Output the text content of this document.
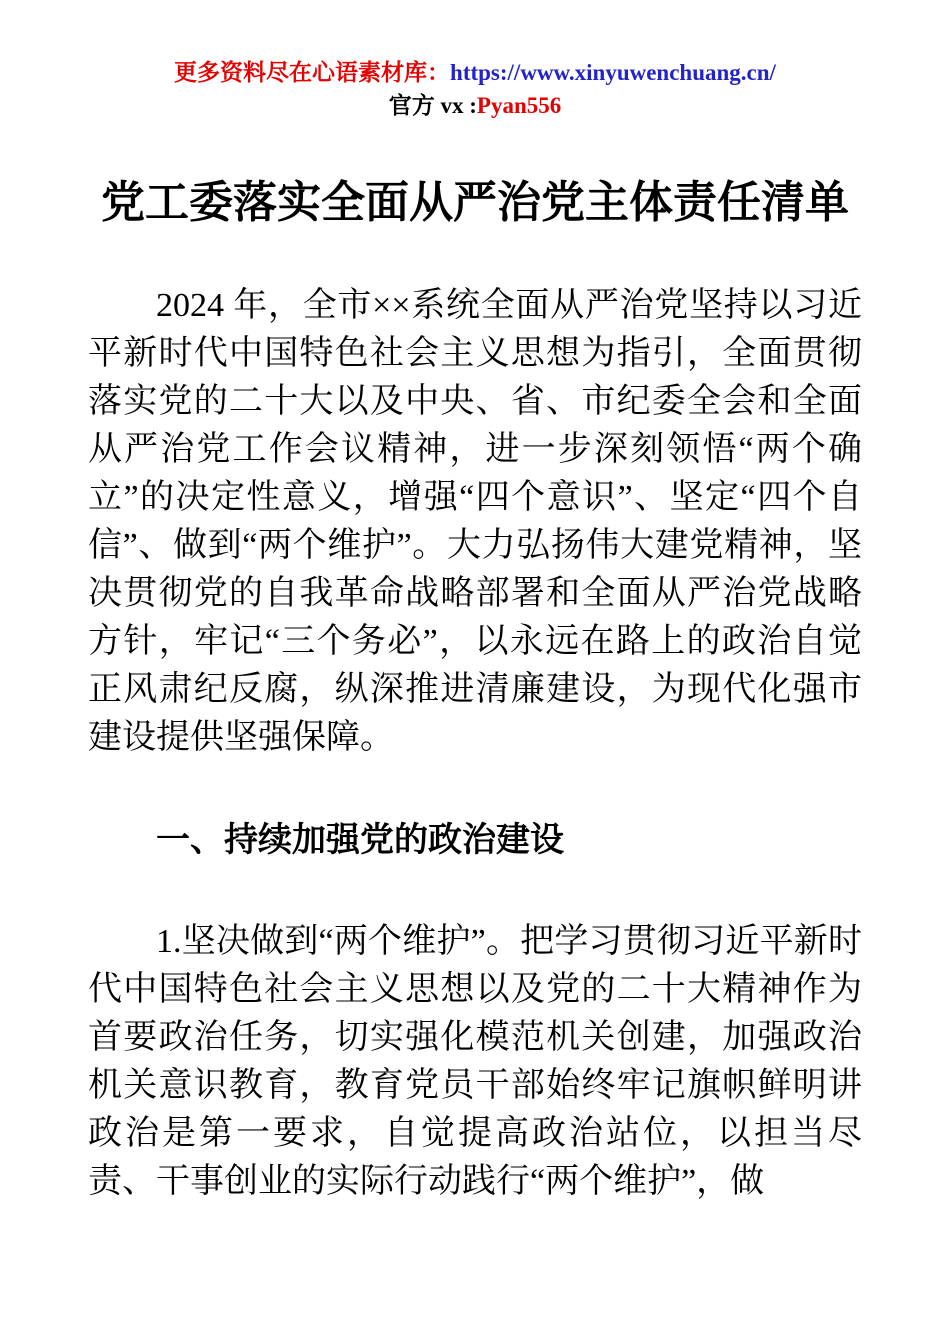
更多资料尽在心语素材库：https://www.xinyuwenchuang.cn/
官方 vx :Pyan556
党工委落实全面从严治党主体责任清单

2024 年，全市××系统全面从严治党坚持以习近平新时代中国特色社会主义思想为指引，全面贯彻落实党的二十大以及中央、省、市纪委全会和全面从严治党工作会议精神，进一步深刻领悟“两个确立”的决定性意义，增强“四个意识”、坚定“四个自信”、做到“两个维护”。大力弘扬伟大建党精神，坚决贯彻党的自我革命战略部署和全面从严治党战略方针，牢记“三个务必”，以永远在路上的政治自觉正风肃纪反腐，纵深推进清廉建设，为现代化强市建设提供坚强保障。

一、持续加强党的政治建设

1.坚决做到“两个维护”。把学习贯彻习近平新时代中国特色社会主义思想以及党的二十大精神作为首要政治任务，切实强化模范机关创建，加强政治机关意识教育，教育党员干部始终牢记旗帜鲜明讲政治是第一要求，自觉提高政治站位，以担当尽责、干事创业的实际行动践行“两个维护”，做
